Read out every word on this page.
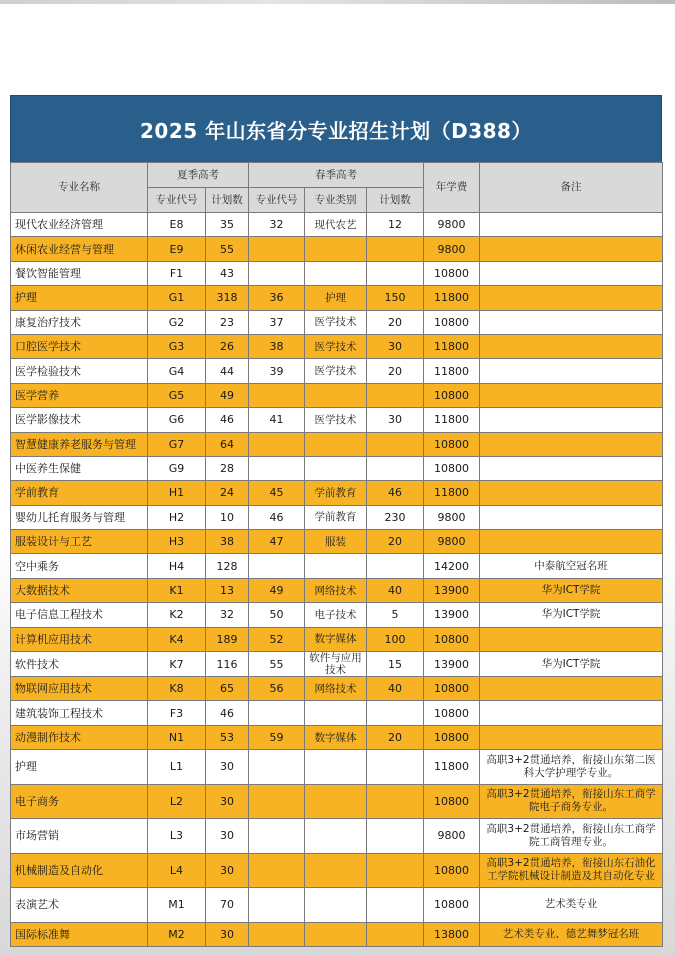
2025 年山东省分专业招生计划（D388）
专业名称	夏季高考		春季高考			年学费	备注
	专业代号	计划数	专业代号	专业类别	计划数		
现代农业经济管理	E8	35	32	现代农艺	12	9800	
休闲农业经营与管理	E9	55				9800	
餐饮智能管理	F1	43				10800	
护理	G1	318	36	护理	150	11800	
康复治疗技术	G2	23	37	医学技术	20	10800	
口腔医学技术	G3	26	38	医学技术	30	11800	
医学检验技术	G4	44	39	医学技术	20	11800	
医学营养	G5	49				10800	
医学影像技术	G6	46	41	医学技术	30	11800	
智慧健康养老服务与管理	G7	64				10800	
中医养生保健	G9	28				10800	
学前教育	H1	24	45	学前教育	46	11800	
婴幼儿托育服务与管理	H2	10	46	学前教育	230	9800	
服装设计与工艺	H3	38	47	服装	20	9800	
空中乘务	H4	128				14200	中泰航空冠名班
大数据技术	K1	13	49	网络技术	40	13900	华为ICT学院
电子信息工程技术	K2	32	50	电子技术	5	13900	华为ICT学院
计算机应用技术	K4	189	52	数字媒体	100	10800	
软件技术	K7	116	55	软件与应用技术	15	13900	华为ICT学院
物联网应用技术	K8	65	56	网络技术	40	10800	
建筑装饰工程技术	F3	46				10800	
动漫制作技术	N1	53	59	数字媒体	20	10800	
护理	L1	30				11800	高职3+2贯通培养，衔接山东第二医科大学护理学专业。
电子商务	L2	30				10800	高职3+2贯通培养，衔接山东工商学院电子商务专业。
市场营销	L3	30				9800	高职3+2贯通培养，衔接山东工商学院工商管理专业。
机械制造及自动化	L4	30				10800	高职3+2贯通培养，衔接山东石油化工学院机械设计制造及其自动化专业
表演艺术	M1	70				10800	艺术类专业
国际标准舞	M2	30				13800	艺术类专业、德艺舞梦冠名班
